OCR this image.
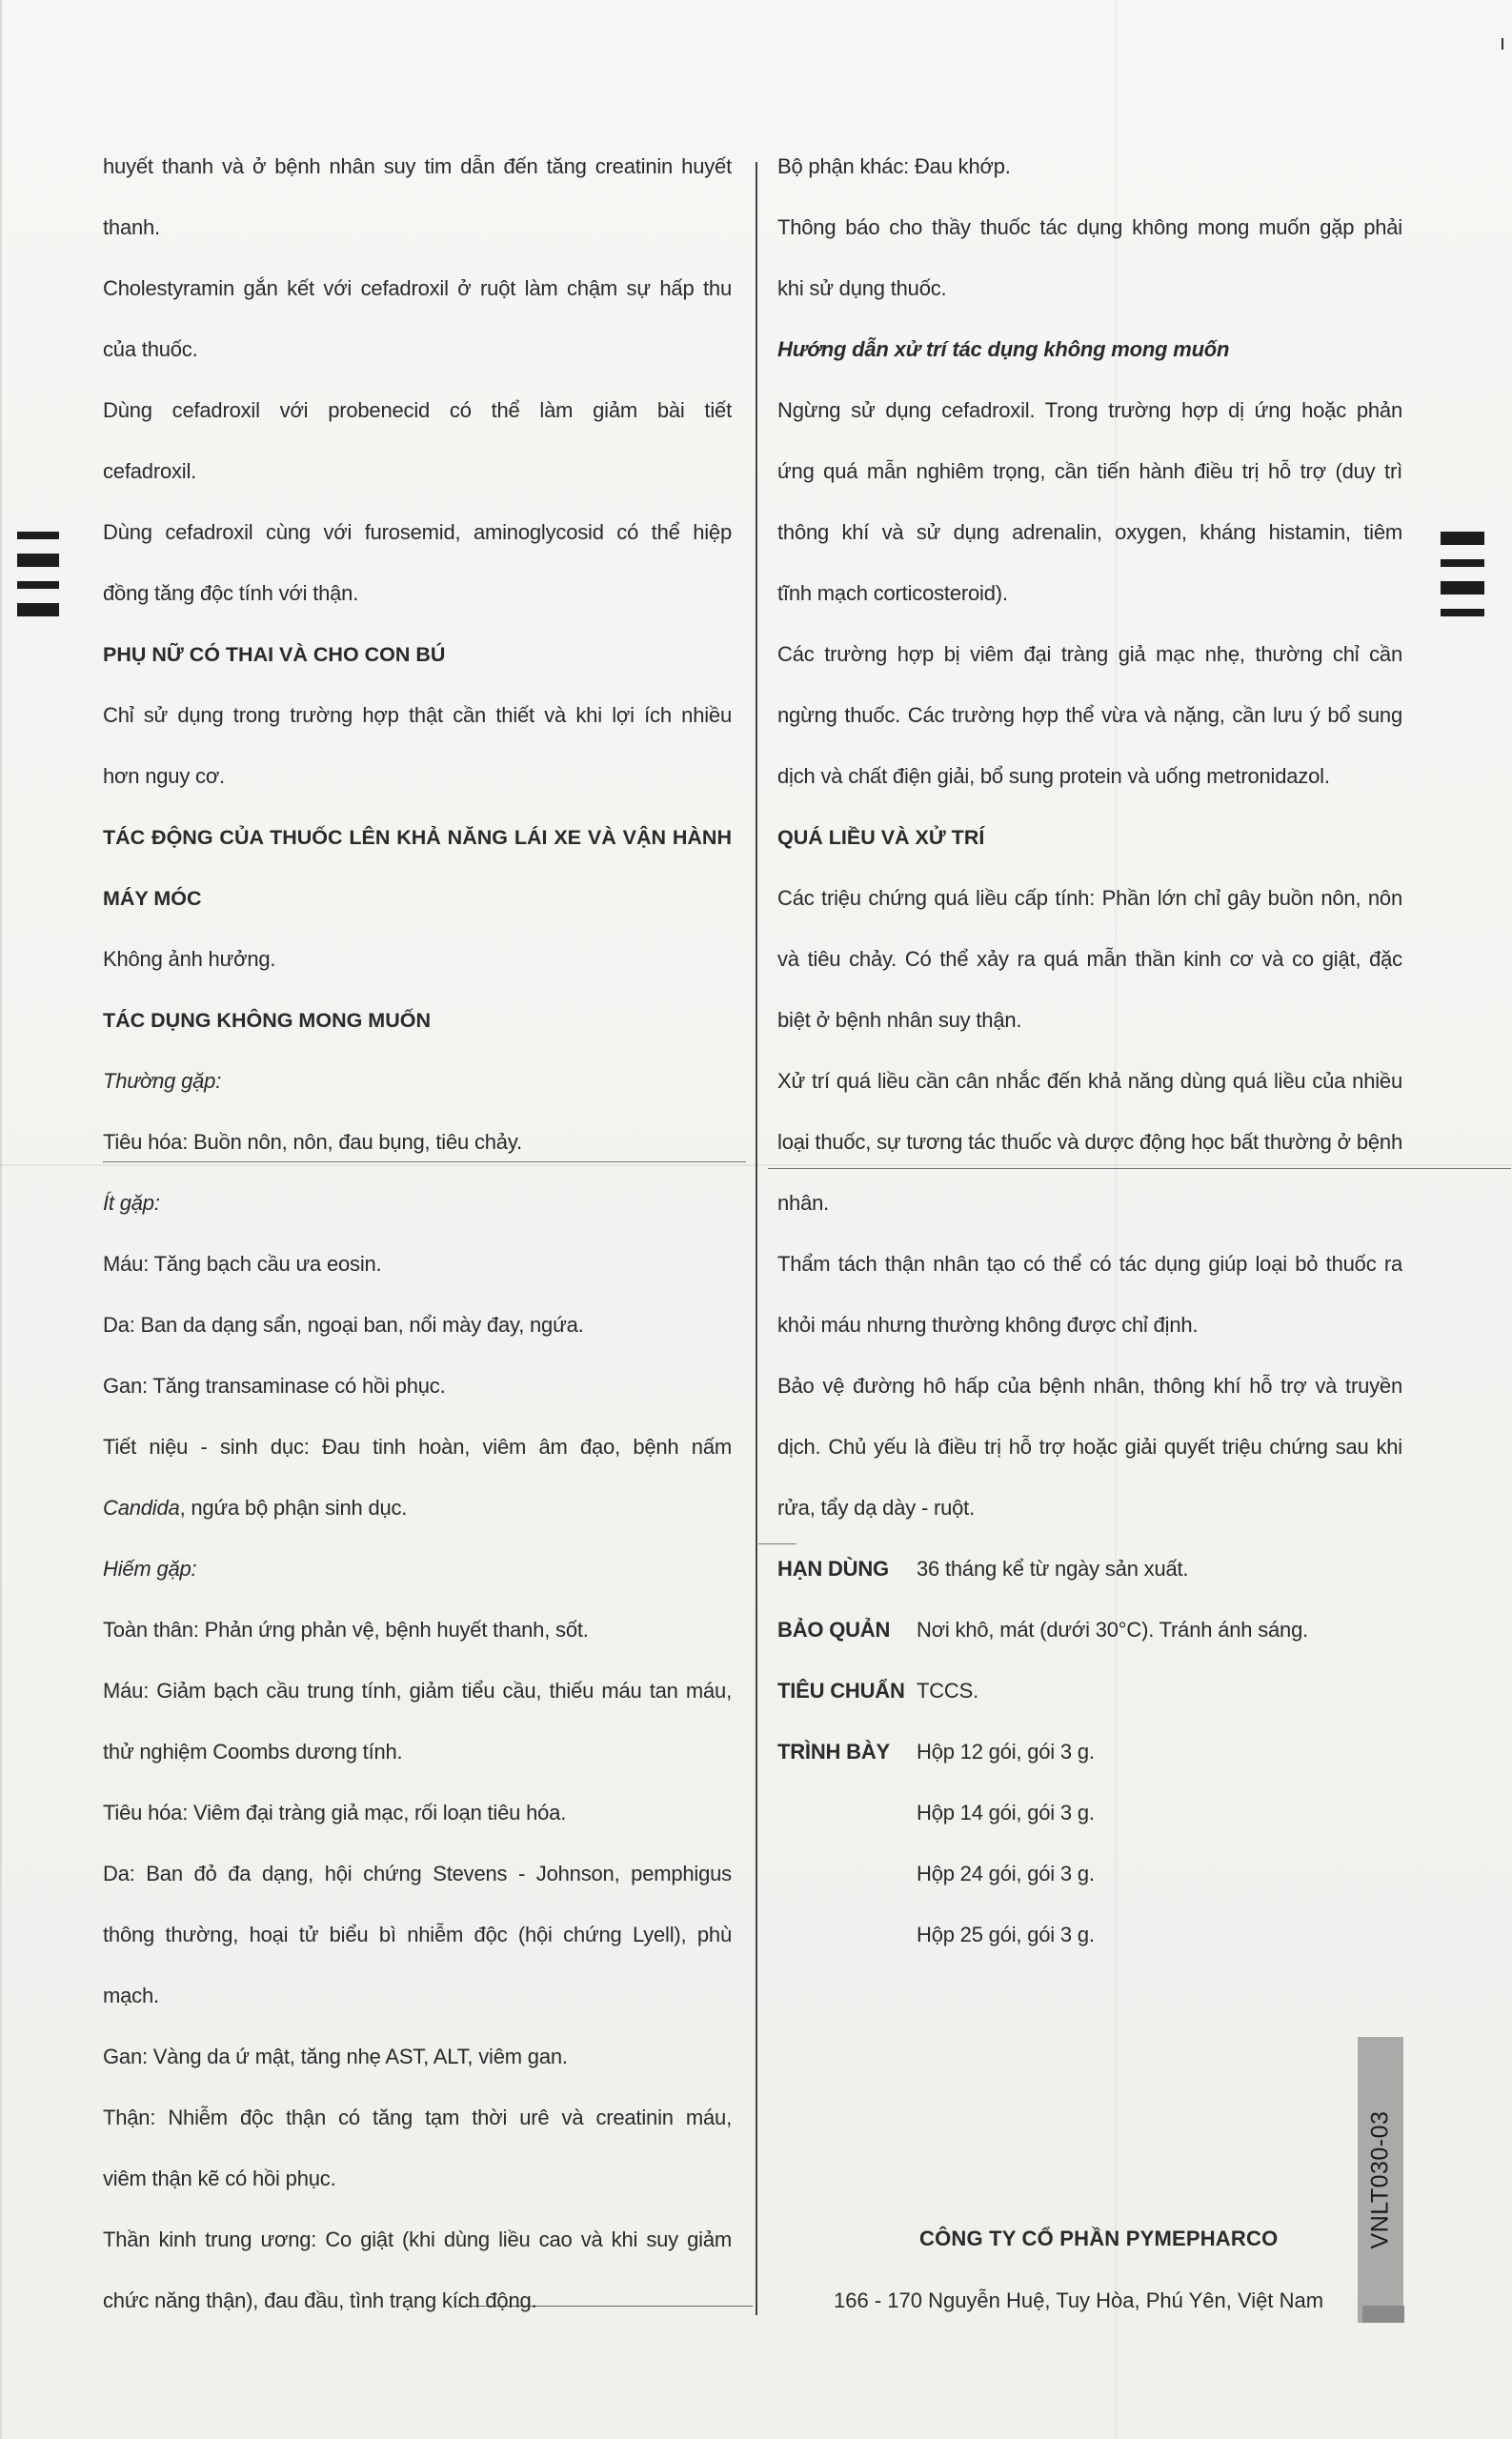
huyết thanh và ở bệnh nhân suy tim dẫn đến tăng creatinin huyết
thanh.
Cholestyramin gắn kết với cefadroxil ở ruột làm chậm sự hấp thu
của thuốc.
Dùng cefadroxil với probenecid có thể làm giảm bài tiết
cefadroxil.
Dùng cefadroxil cùng với furosemid, aminoglycosid có thể hiệp
đồng tăng độc tính với thận.
PHỤ NỮ CÓ THAI VÀ CHO CON BÚ
Chỉ sử dụng trong trường hợp thật cần thiết và khi lợi ích nhiều
hơn nguy cơ.
TÁC ĐỘNG CỦA THUỐC LÊN KHẢ NĂNG LÁI XE VÀ VẬN HÀNH
MÁY MÓC
Không ảnh hưởng.
TÁC DỤNG KHÔNG MONG MUỐN
Thường gặp:
Tiêu hóa: Buồn nôn, nôn, đau bụng, tiêu chảy.
Ít gặp:
Máu: Tăng bạch cầu ưa eosin.
Da: Ban da dạng sẩn, ngoại ban, nổi mày đay, ngứa.
Gan: Tăng transaminase có hồi phục.
Tiết niệu - sinh dục: Đau tinh hoàn, viêm âm đạo, bệnh nấm
Candida, ngứa bộ phận sinh dục.
Hiếm gặp:
Toàn thân: Phản ứng phản vệ, bệnh huyết thanh, sốt.
Máu: Giảm bạch cầu trung tính, giảm tiểu cầu, thiếu máu tan máu,
thử nghiệm Coombs dương tính.
Tiêu hóa: Viêm đại tràng giả mạc, rối loạn tiêu hóa.
Da: Ban đỏ đa dạng, hội chứng Stevens - Johnson, pemphigus
thông thường, hoại tử biểu bì nhiễm độc (hội chứng Lyell), phù
mạch.
Gan: Vàng da ứ mật, tăng nhẹ AST, ALT, viêm gan.
Thận: Nhiễm độc thận có tăng tạm thời urê và creatinin máu,
viêm thận kẽ có hồi phục.
Thần kinh trung ương: Co giật (khi dùng liều cao và khi suy giảm
chức năng thận), đau đầu, tình trạng kích động.
Bộ phận khác: Đau khớp.
Thông báo cho thầy thuốc tác dụng không mong muốn gặp phải
khi sử dụng thuốc.
Hướng dẫn xử trí tác dụng không mong muốn
Ngừng sử dụng cefadroxil. Trong trường hợp dị ứng hoặc phản
ứng quá mẫn nghiêm trọng, cần tiến hành điều trị hỗ trợ (duy trì
thông khí và sử dụng adrenalin, oxygen, kháng histamin, tiêm
tĩnh mạch corticosteroid).
Các trường hợp bị viêm đại tràng giả mạc nhẹ, thường chỉ cần
ngừng thuốc. Các trường hợp thể vừa và nặng, cần lưu ý bổ sung
dịch và chất điện giải, bổ sung protein và uống metronidazol.
QUÁ LIỀU VÀ XỬ TRÍ
Các triệu chứng quá liều cấp tính: Phần lớn chỉ gây buồn nôn, nôn
và tiêu chảy. Có thể xảy ra quá mẫn thần kinh cơ và co giật, đặc
biệt ở bệnh nhân suy thận.
Xử trí quá liều cần cân nhắc đến khả năng dùng quá liều của nhiều
loại thuốc, sự tương tác thuốc và dược động học bất thường ở bệnh
nhân.
Thẩm tách thận nhân tạo có thể có tác dụng giúp loại bỏ thuốc ra
khỏi máu nhưng thường không được chỉ định.
Bảo vệ đường hô hấp của bệnh nhân, thông khí hỗ trợ và truyền
dịch. Chủ yếu là điều trị hỗ trợ hoặc giải quyết triệu chứng sau khi
rửa, tẩy dạ dày - ruột.
HẠN DÙNG	36 tháng kể từ ngày sản xuất.
BẢO QUẢN	Nơi khô, mát (dưới 30°C). Tránh ánh sáng.
TIÊU CHUẨN TCCS.
TRÌNH BÀY	Hộp 12 gói, gói 3 g.
Hộp 14 gói, gói 3 g.
Hộp 24 gói, gói 3 g.
Hộp 25 gói, gói 3 g.
CÔNG TY CỔ PHẦN PYMEPHARCO
166 - 170 Nguyễn Huệ, Tuy Hòa, Phú Yên, Việt Nam
VNLT030-03
